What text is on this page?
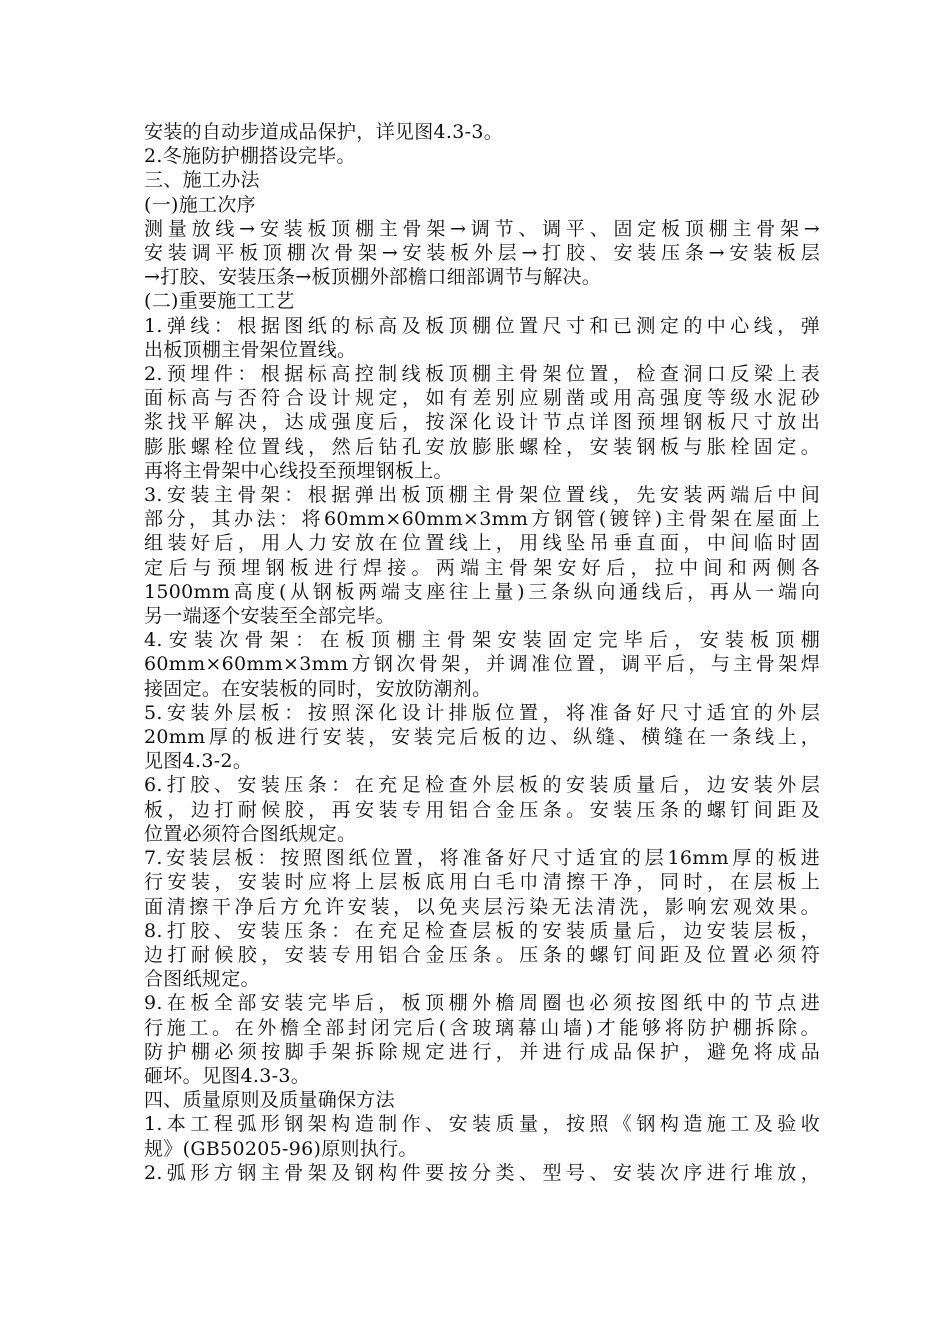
安装的自动步道成品保护，详见图4.3-3。
2.冬施防护棚搭设完毕。
三、施工办法
(一)施工次序
测量放线→安装板顶棚主骨架→调节、调平、固定板顶棚主骨架→
安装调平板顶棚次骨架→安装板外层→打胶、安装压条→安装板层
→打胶、安装压条→板顶棚外部檐口细部调节与解决。
(二)重要施工工艺
1.弹线：根据图纸的标高及板顶棚位置尺寸和已测定的中心线，弹
出板顶棚主骨架位置线。
2.预埋件：根据标高控制线板顶棚主骨架位置，检查洞口反梁上表
面标高与否符合设计规定，如有差别应剔凿或用高强度等级水泥砂
浆找平解决，达成强度后，按深化设计节点详图预埋钢板尺寸放出
膨胀螺栓位置线，然后钻孔安放膨胀螺栓，安装钢板与胀栓固定。
再将主骨架中心线投至预埋钢板上。
3.安装主骨架：根据弹出板顶棚主骨架位置线，先安装两端后中间
部分，其办法：将60mm×60mm×3mm方钢管(镀锌)主骨架在屋面上
组装好后，用人力安放在位置线上，用线坠吊垂直面，中间临时固
定后与预埋钢板进行焊接。两端主骨架安好后，拉中间和两侧各
1500mm高度(从钢板两端支座往上量)三条纵向通线后，再从一端向
另一端逐个安装至全部完毕。
4.安装次骨架：在板顶棚主骨架安装固定完毕后，安装板顶棚
60mm×60mm×3mm方钢次骨架，并调准位置，调平后，与主骨架焊
接固定。在安装板的同时，安放防潮剂。
5.安装外层板：按照深化设计排版位置，将准备好尺寸适宜的外层
20mm厚的板进行安装，安装完后板的边、纵缝、横缝在一条线上，
见图4.3-2。
6.打胶、安装压条：在充足检查外层板的安装质量后，边安装外层
板，边打耐候胶，再安装专用铝合金压条。安装压条的螺钉间距及
位置必须符合图纸规定。
7.安装层板：按照图纸位置，将准备好尺寸适宜的层16mm厚的板进
行安装，安装时应将上层板底用白毛巾清擦干净，同时，在层板上
面清擦干净后方允许安装，以免夹层污染无法清洗，影响宏观效果。
8.打胶、安装压条：在充足检查层板的安装质量后，边安装层板，
边打耐候胶，安装专用铝合金压条。压条的螺钉间距及位置必须符
合图纸规定。
9.在板全部安装完毕后，板顶棚外檐周圈也必须按图纸中的节点进
行施工。在外檐全部封闭完后(含玻璃幕山墙)才能够将防护棚拆除。
防护棚必须按脚手架拆除规定进行，并进行成品保护，避免将成品
砸坏。见图4.3-3。
四、质量原则及质量确保方法
1.本工程弧形钢架构造制作、安装质量，按照《钢构造施工及验收
规》(GB50205-96)原则执行。
2.弧形方钢主骨架及钢构件要按分类、型号、安装次序进行堆放，
